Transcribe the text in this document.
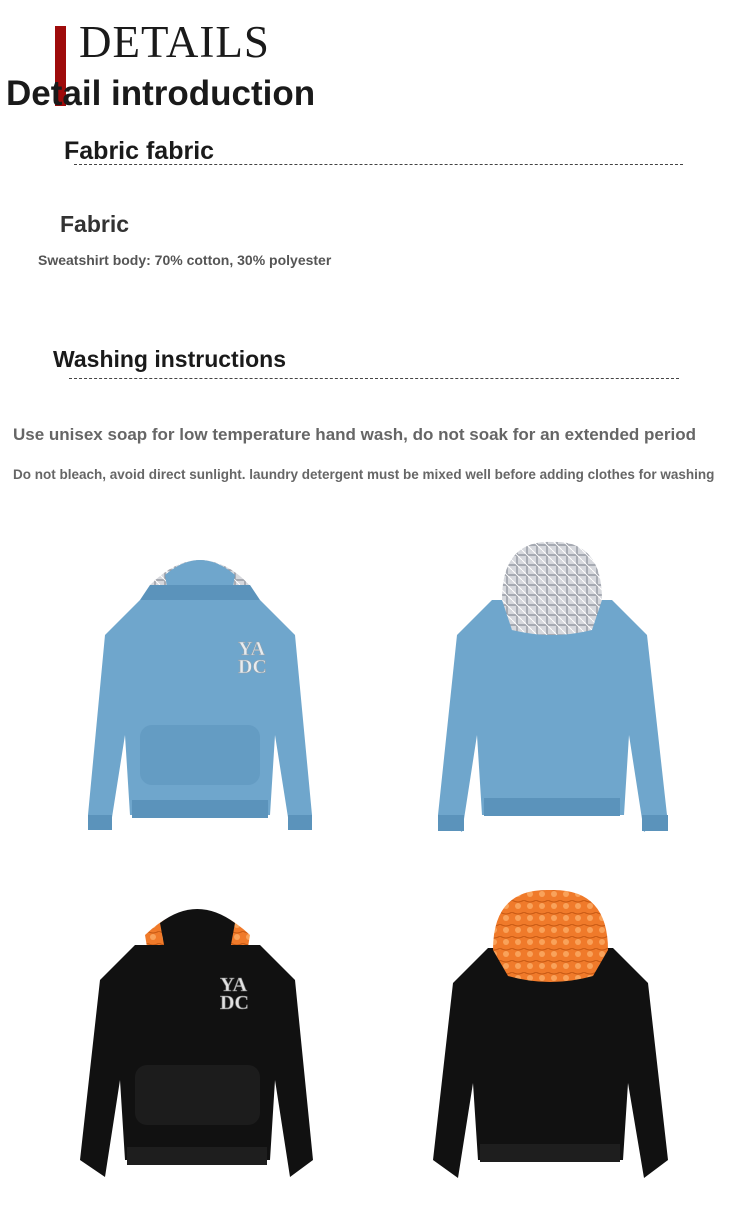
DETAILS
Detail introduction
Fabric fabric
Fabric
Sweatshirt body: 70% cotton, 30% polyester
Washing instructions
Use unisex soap for low temperature hand wash, do not soak for an extended period
Do not bleach, avoid direct sunlight. laundry detergent must be mixed well before adding clothes for washing
YA
DC
YA
DC
